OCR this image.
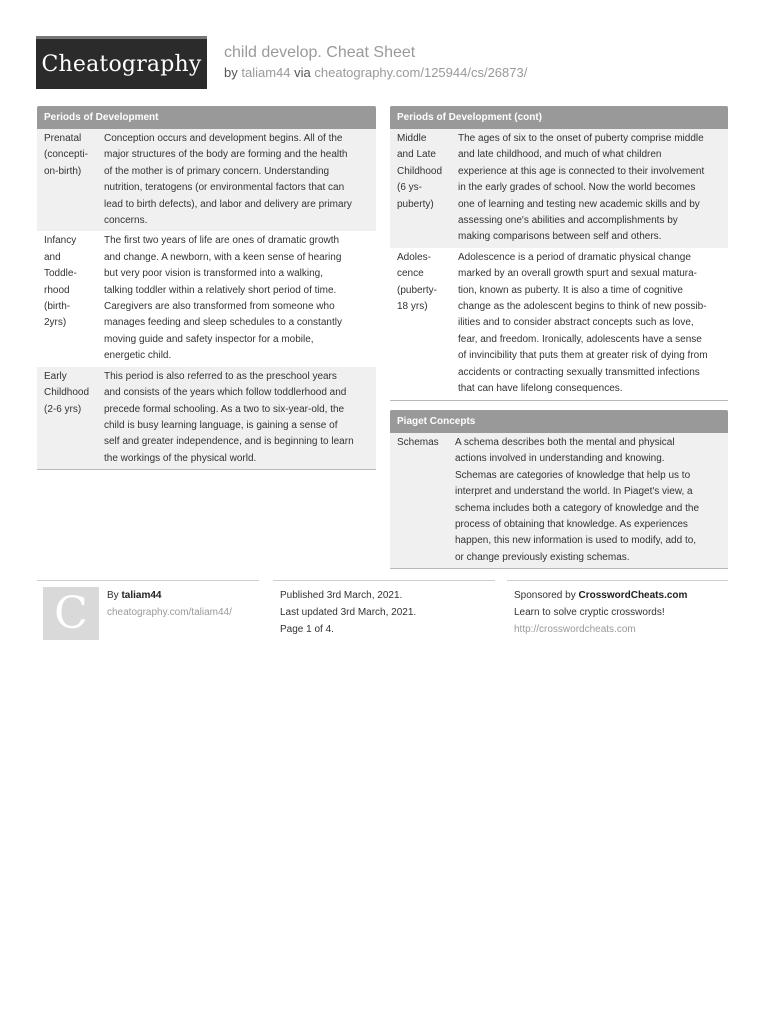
Cheatography child develop. Cheat Sheet
by taliam44 via cheatography.com/125944/cs/26873/
Periods of Development
Prenatal
(concepti-
on-birth)
Conception occurs and development begins. All of the
major structures of the body are forming and the health
of the mother is of primary concern. Understanding
nutrition, teratogens (or environmental factors that can
lead to birth defects), and labor and delivery are primary
concerns.
Infancy
and
Toddle-
rhood
(birth-
2yrs)
The first two years of life are ones of dramatic growth
and change. A newborn, with a keen sense of hearing
but very poor vision is transformed into a walking,
talking toddler within a relatively short period of time.
Caregivers are also transformed from someone who
manages feeding and sleep schedules to a constantly
moving guide and safety inspector for a mobile,
energetic child.
Early
Childhood
(2-6 yrs)
This period is also referred to as the preschool years
and consists of the years which follow toddlerhood and
precede formal schooling. As a two to six-year-old, the
child is busy learning language, is gaining a sense of
self and greater independence, and is beginning to learn
the workings of the physical world.
Periods of Development (cont)
Middle
and Late
Childhood
(6 ys-
puberty)
The ages of six to the onset of puberty comprise middle
and late childhood, and much of what children
experience at this age is connected to their involvement
in the early grades of school. Now the world becomes
one of learning and testing new academic skills and by
assessing one's abilities and accomplishments by
making comparisons between self and others.
Adoles-
cence
(puberty-
18 yrs)
Adolescence is a period of dramatic physical change
marked by an overall growth spurt and sexual matura-
tion, known as puberty. It is also a time of cognitive
change as the adolescent begins to think of new possib-
ilities and to consider abstract concepts such as love,
fear, and freedom. Ironically, adolescents have a sense
of invincibility that puts them at greater risk of dying from
accidents or contracting sexually transmitted infections
that can have lifelong consequences.
Piaget Concepts
Schemas	A schema describes both the mental and physical
actions involved in understanding and knowing.
Schemas are categories of knowledge that help us to
interpret and understand the world. In Piaget's view, a
schema includes both a category of knowledge and the
process of obtaining that knowledge. As experiences
happen, this new information is used to modify, add to,
or change previously existing schemas.
C By taliam44
cheatography.com/taliam44/
Published 3rd March, 2021.
Last updated 3rd March, 2021.
Page 1 of 4.
Sponsored by CrosswordCheats.com
Learn to solve cryptic crosswords!
http://crosswordcheats.com
